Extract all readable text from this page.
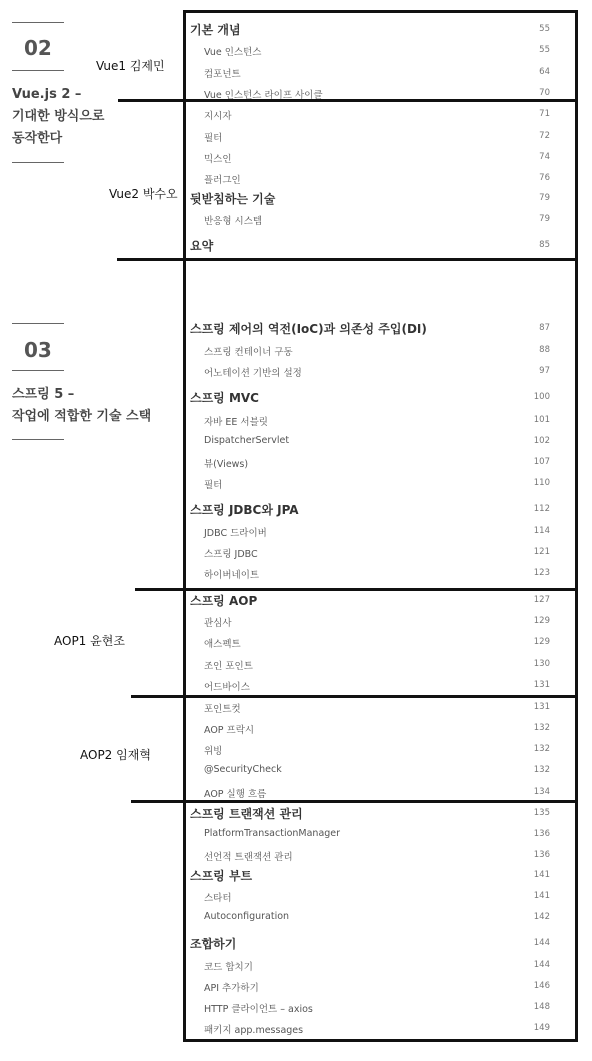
02
Vue.js 2 –
기대한 방식으로
동작한다
03
스프링 5 –
작업에 적합한 기술 스택
Vue1 김제민
Vue2 박수오
AOP1 윤현조
AOP2 임재혁
기본 개념	55
Vue 인스턴스	55
컴포넌트	64
Vue 인스턴스 라이프 사이클	70
지시자	71
필터	72
믹스인	74
플러그인	76
뒷받침하는 기술	79
반응형 시스템	79
요약	85
스프링 제어의 역전(IoC)과 의존성 주입(DI)	87
스프링 컨테이너 구동	88
어노테이션 기반의 설정	97
스프링 MVC	100
자바 EE 서블릿	101
DispatcherServlet	102
뷰(Views)	107
필터	110
스프링 JDBC와 JPA	112
JDBC 드라이버	114
스프링 JDBC	121
하이버네이트	123
스프링 AOP	127
관심사	129
애스펙트	129
조인 포인트	130
어드바이스	131
포인트컷	131
AOP 프락시	132
위빙	132
@SecurityCheck	132
AOP 실행 흐름	134
스프링 트랜잭션 관리	135
PlatformTransactionManager	136
선언적 트랜잭션 관리	136
스프링 부트	141
스타터	141
Autoconfiguration	142
조합하기	144
코드 합치기	144
API 추가하기	146
HTTP 클라이언트 – axios	148
패키지 app.messages	149
